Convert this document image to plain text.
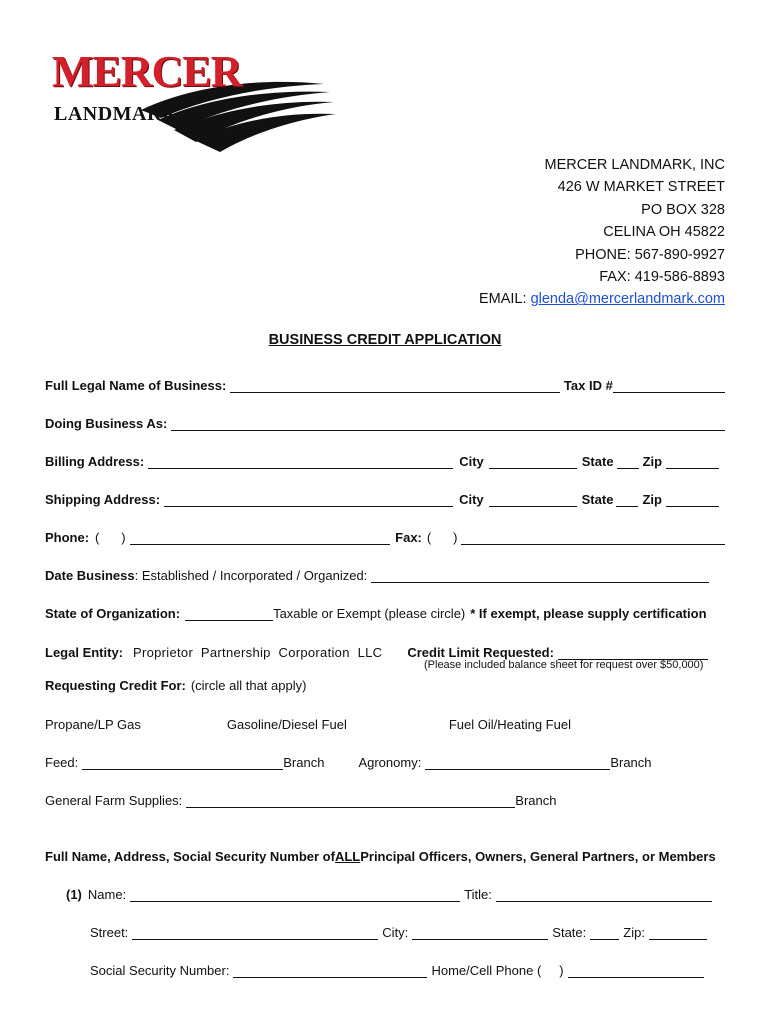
MERCER
LANDMARK
MERCER LANDMARK, INC
426 W MARKET STREET
PO BOX 328
CELINA OH 45822
PHONE: 567-890-9927
FAX: 419-586-8893
EMAIL: glenda@mercerlandmark.com
BUSINESS CREDIT APPLICATION
Full Legal Name of Business:	Tax ID #
Doing Business As:
Billing Address:	City	State Zip
Shipping Address:	City	State Zip
Phone: ( )	Fax: ( )
Date Business : Established / Incorporated / Organized:
State of Organization:	Taxable or Exempt (please circle) * If exempt, please supply certification
Legal Entity: Proprietor  Partnership  Corporation  LLC Credit Limit Requested:
(Please included balance sheet for request over $50,000)
Requesting Credit For: (circle all that apply)
Propane/LP Gas	Gasoline/Diesel Fuel	Fuel Oil/Heating Fuel
Feed:	Branch	Agronomy:	Branch
General Farm Supplies:	Branch
Full Name, Address, Social Security Number of ALL Principal Officers, Owners, General Partners, or Members
(1) Name:	Title:
Street:	City:	State:	Zip:
Social Security Number:	Home/Cell Phone ( )
